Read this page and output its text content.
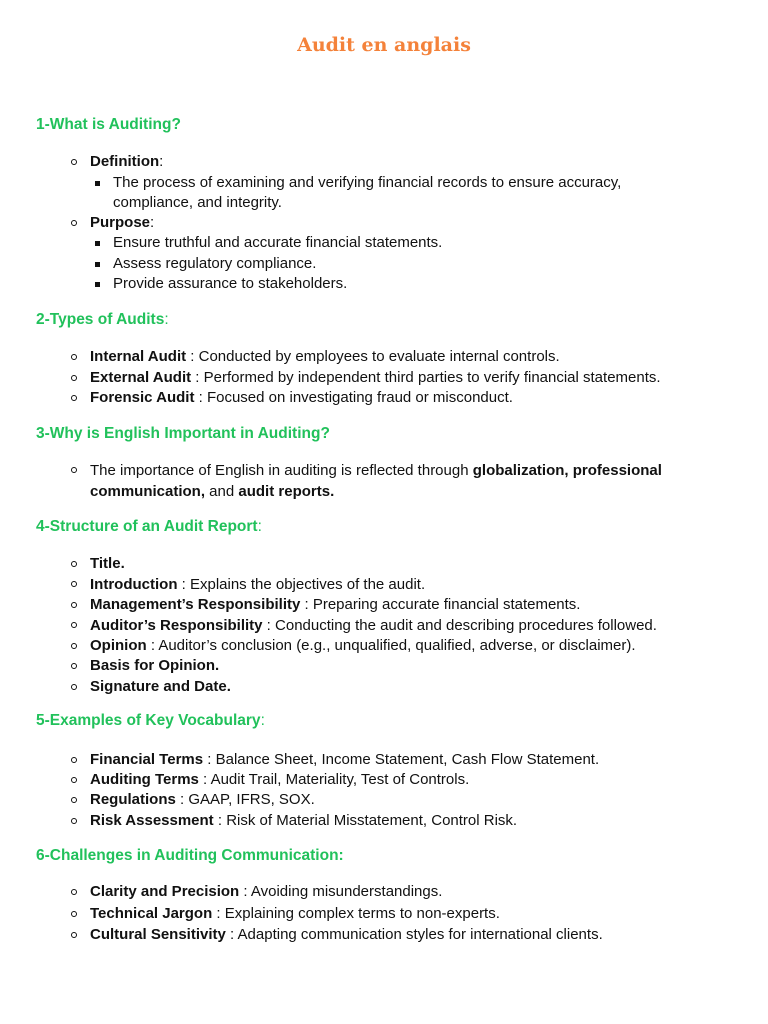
Audit en anglais
1-What is Auditing?
Definition:
The process of examining and verifying financial records to ensure accuracy,
compliance, and integrity.
Purpose:
Ensure truthful and accurate financial statements.
Assess regulatory compliance.
Provide assurance to stakeholders.
2-Types of Audits:
Internal Audit : Conducted by employees to evaluate internal controls.
External Audit : Performed by independent third parties to verify financial statements.
Forensic Audit : Focused on investigating fraud or misconduct.
3-Why is English Important in Auditing?
The importance of English in auditing is reflected through globalization, professional
communication, and audit reports.
4-Structure of an Audit Report:
Title.
Introduction : Explains the objectives of the audit.
Management’s Responsibility : Preparing accurate financial statements.
Auditor’s Responsibility : Conducting the audit and describing procedures followed.
Opinion : Auditor’s conclusion (e.g., unqualified, qualified, adverse, or disclaimer).
Basis for Opinion.
Signature and Date.
5-Examples of Key Vocabulary:
Financial Terms : Balance Sheet, Income Statement, Cash Flow Statement.
Auditing Terms : Audit Trail, Materiality, Test of Controls.
Regulations : GAAP, IFRS, SOX.
Risk Assessment : Risk of Material Misstatement, Control Risk.
6-Challenges in Auditing Communication:
Clarity and Precision : Avoiding misunderstandings.
Technical Jargon : Explaining complex terms to non-experts.
Cultural Sensitivity : Adapting communication styles for international clients.
